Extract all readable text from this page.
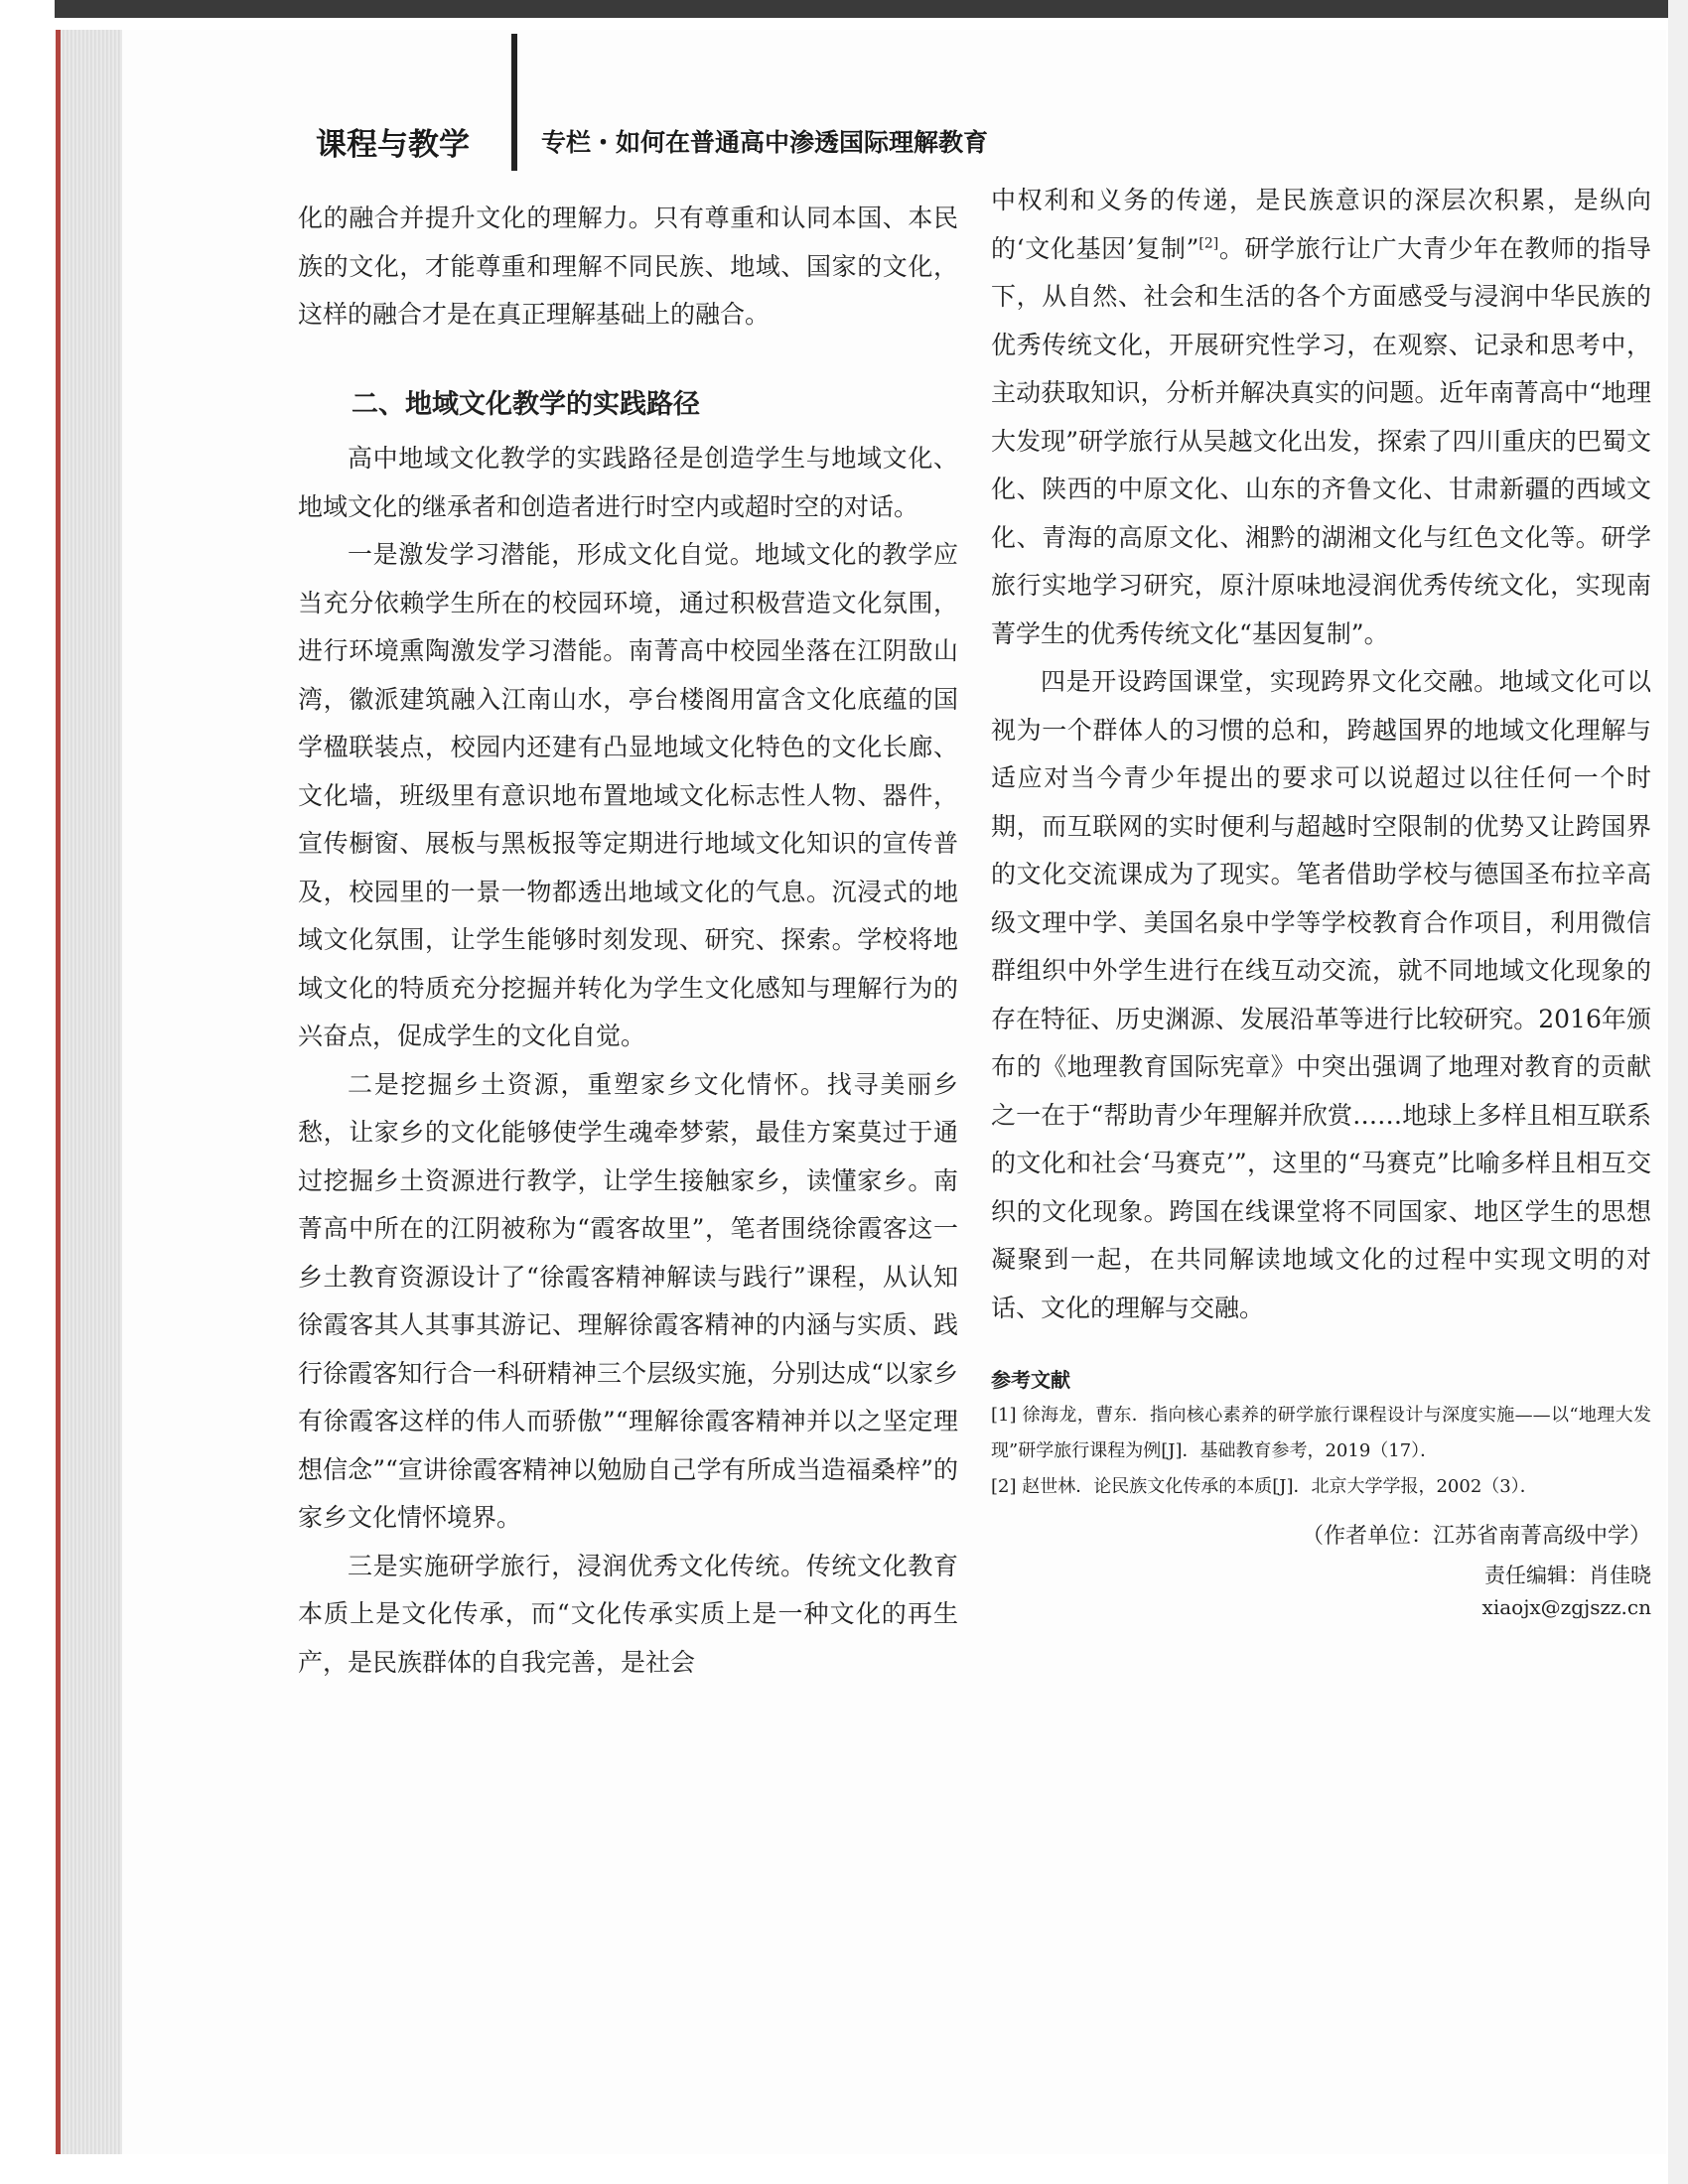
课程与教学	专栏・如何在普通高中渗透国际理解教育

化的融合并提升文化的理解力。只有尊重和认同本国、本民族的文化，才能尊重和理解不同民族、地域、国家的文化，这样的融合才是在真正理解基础上的融合。

二、地域文化教学的实践路径

高中地域文化教学的实践路径是创造学生与地域文化、地域文化的继承者和创造者进行时空内或超时空的对话。

一是激发学习潜能，形成文化自觉。地域文化的教学应当充分依赖学生所在的校园环境，通过积极营造文化氛围，进行环境熏陶激发学习潜能。南菁高中校园坐落在江阴敔山湾，徽派建筑融入江南山水，亭台楼阁用富含文化底蕴的国学楹联装点，校园内还建有凸显地域文化特色的文化长廊、文化墙，班级里有意识地布置地域文化标志性人物、器件，宣传橱窗、展板与黑板报等定期进行地域文化知识的宣传普及，校园里的一景一物都透出地域文化的气息。沉浸式的地域文化氛围，让学生能够时刻发现、研究、探索。学校将地域文化的特质充分挖掘并转化为学生文化感知与理解行为的兴奋点，促成学生的文化自觉。

二是挖掘乡土资源，重塑家乡文化情怀。找寻美丽乡愁，让家乡的文化能够使学生魂牵梦萦，最佳方案莫过于通过挖掘乡土资源进行教学，让学生接触家乡，读懂家乡。南菁高中所在的江阴被称为“霞客故里”，笔者围绕徐霞客这一乡土教育资源设计了“徐霞客精神解读与践行”课程，从认知徐霞客其人其事其游记、理解徐霞客精神的内涵与实质、践行徐霞客知行合一科研精神三个层级实施，分别达成“以家乡有徐霞客这样的伟人而骄傲”“理解徐霞客精神并以之坚定理想信念”“宣讲徐霞客精神以勉励自己学有所成当造福桑梓”的家乡文化情怀境界。

三是实施研学旅行，浸润优秀文化传统。传统文化教育本质上是文化传承，而“文化传承实质上是一种文化的再生产，是民族群体的自我完善，是社会

中权利和义务的传递，是民族意识的深层次积累，是纵向的‘文化基因’复制”[2]。研学旅行让广大青少年在教师的指导下，从自然、社会和生活的各个方面感受与浸润中华民族的优秀传统文化，开展研究性学习，在观察、记录和思考中，主动获取知识，分析并解决真实的问题。近年南菁高中“地理大发现”研学旅行从吴越文化出发，探索了四川重庆的巴蜀文化、陕西的中原文化、山东的齐鲁文化、甘肃新疆的西域文化、青海的高原文化、湘黔的湖湘文化与红色文化等。研学旅行实地学习研究，原汁原味地浸润优秀传统文化，实现南菁学生的优秀传统文化“基因复制”。

四是开设跨国课堂，实现跨界文化交融。地域文化可以视为一个群体人的习惯的总和，跨越国界的地域文化理解与适应对当今青少年提出的要求可以说超过以往任何一个时期，而互联网的实时便利与超越时空限制的优势又让跨国界的文化交流课成为了现实。笔者借助学校与德国圣布拉辛高级文理中学、美国名泉中学等学校教育合作项目，利用微信群组织中外学生进行在线互动交流，就不同地域文化现象的存在特征、历史渊源、发展沿革等进行比较研究。2016年颁布的《地理教育国际宪章》中突出强调了地理对教育的贡献之一在于“帮助青少年理解并欣赏……地球上多样且相互联系的文化和社会‘马赛克’”，这里的“马赛克”比喻多样且相互交织的文化现象。跨国在线课堂将不同国家、地区学生的思想凝聚到一起，在共同解读地域文化的过程中实现文明的对话、文化的理解与交融。

参考文献
[1] 徐海龙，曹东．指向核心素养的研学旅行课程设计与深度实施——以“地理大发现”研学旅行课程为例[J]．基础教育参考，2019（17）．
[2] 赵世林．论民族文化传承的本质[J]．北京大学学报，2002（3）．
（作者单位：江苏省南菁高级中学）
责任编辑：肖佳晓
xiaojx@zgjszz.cn
